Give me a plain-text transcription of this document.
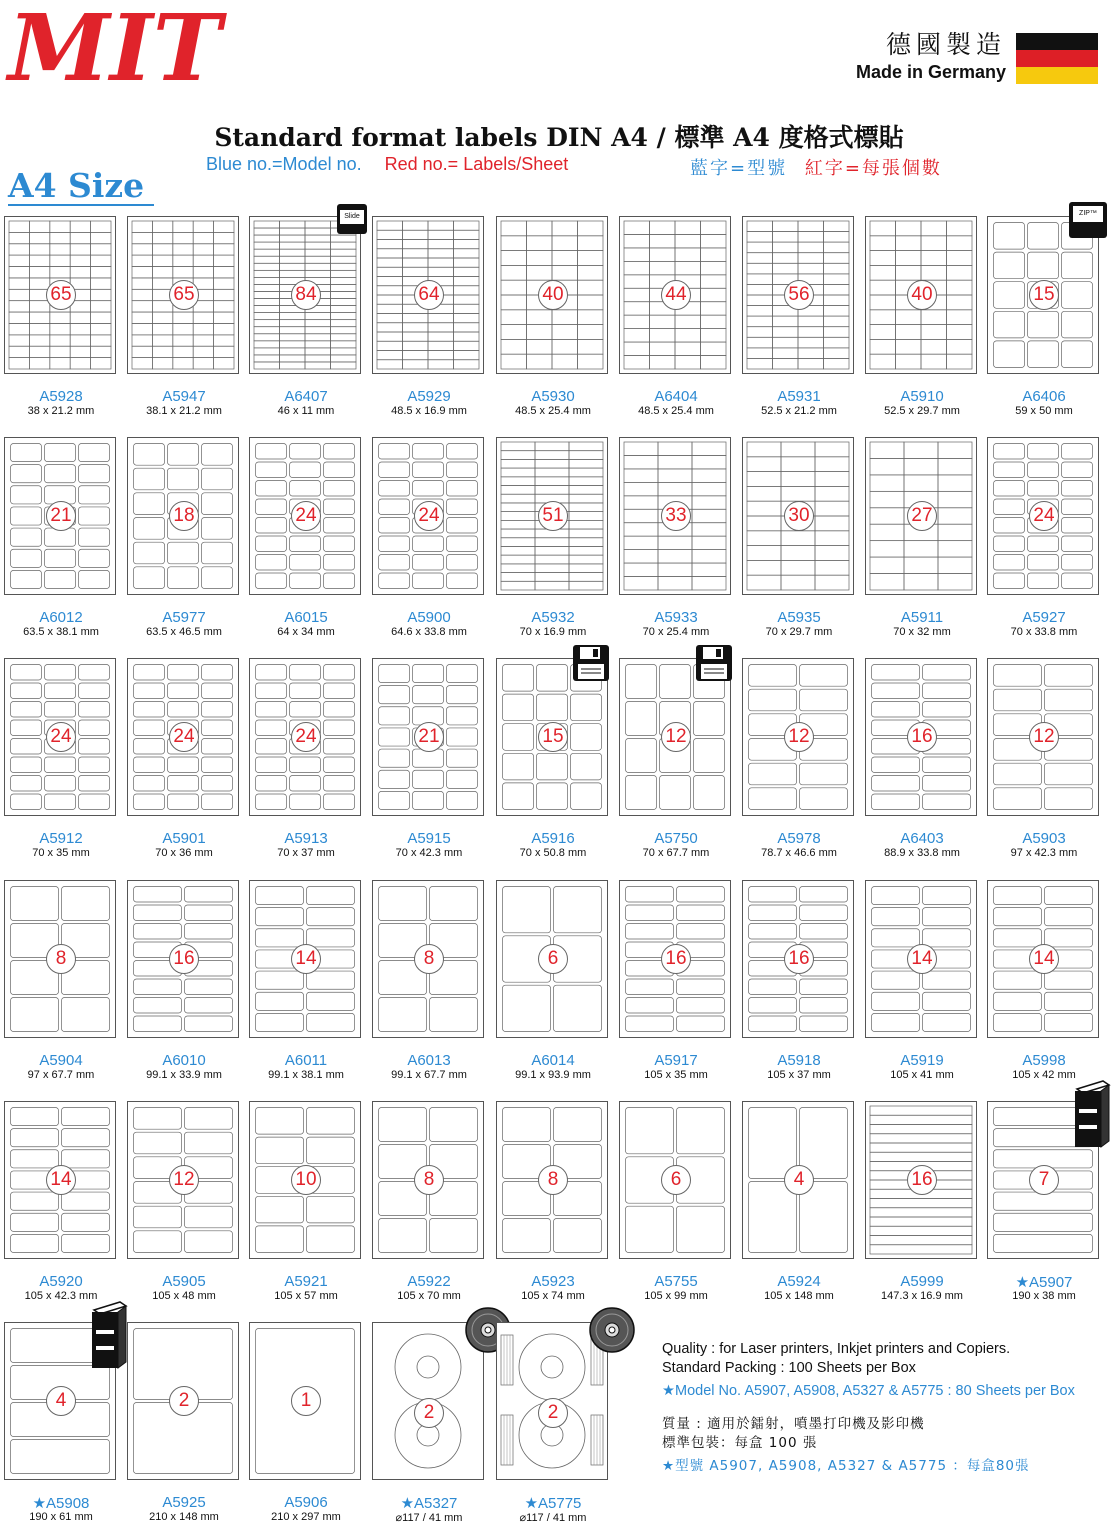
MIT	德國製造
Made in Germany
Standard format labels DIN A4 / 標準 A4 度格式標貼
Blue no.=Model no. Red no.= Labels/Sheet	藍字=型號 紅字=每張個數
A4 Size
65
A5928
38 x 21.2 mm
65
A5947
38.1 x 21.2 mm
84
Slide
A6407
46 x 11 mm
64
A5929
48.5 x 16.9 mm
40
A5930
48.5 x 25.4 mm
44
A6404
48.5 x 25.4 mm
56
A5931
52.5 x 21.2 mm
40
A5910
52.5 x 29.7 mm
15
ZIP™
A6406
59 x 50 mm
21
A6012
63.5 x 38.1 mm
18
A5977
63.5 x 46.5 mm
24
A6015
64 x 34 mm
24
A5900
64.6 x 33.8 mm
51
A5932
70 x 16.9 mm
33
A5933
70 x 25.4 mm
30
A5935
70 x 29.7 mm
27
A5911
70 x 32 mm
24
A5927
70 x 33.8 mm
24
A5912
70 x 35 mm
24
A5901
70 x 36 mm
24
A5913
70 x 37 mm
21
A5915
70 x 42.3 mm
15
A5916
70 x 50.8 mm
12
A5750
70 x 67.7 mm
12
A5978
78.7 x 46.6 mm
16
A6403
88.9 x 33.8 mm
12
A5903
97 x 42.3 mm
8
A5904
97 x 67.7 mm
16
A6010
99.1 x 33.9 mm
14
A6011
99.1 x 38.1 mm
8
A6013
99.1 x 67.7 mm
6
A6014
99.1 x 93.9 mm
16
A5917
105 x 35 mm
16
A5918
105 x 37 mm
14
A5919
105 x 41 mm
14
A5998
105 x 42 mm
14
A5920
105 x 42.3 mm
12
A5905
105 x 48 mm
10
A5921
105 x 57 mm
8
A5922
105 x 70 mm
8
A5923
105 x 74 mm
6
A5755
105 x 99 mm
4
A5924
105 x 148 mm
16
A5999
147.3 x 16.9 mm
7
★A5907
190 x 38 mm
4
★A5908
190 x 61 mm
2
A5925
210 x 148 mm
1
A5906
210 x 297 mm
2
★A5327
⌀117 / 41 mm
2
★A5775
⌀117 / 41 mm
Quality : for Laser printers, Inkjet printers and Copiers.
Standard Packing : 100 Sheets per Box
★Model No. A5907, A5908, A5327 & A5775 : 80 Sheets per Box
質量 : 適用於鐳射，噴墨打印機及影印機
標準包裝：每盒 100 張
★型號 A5907, A5908, A5327 & A5775 ：每盒80張
